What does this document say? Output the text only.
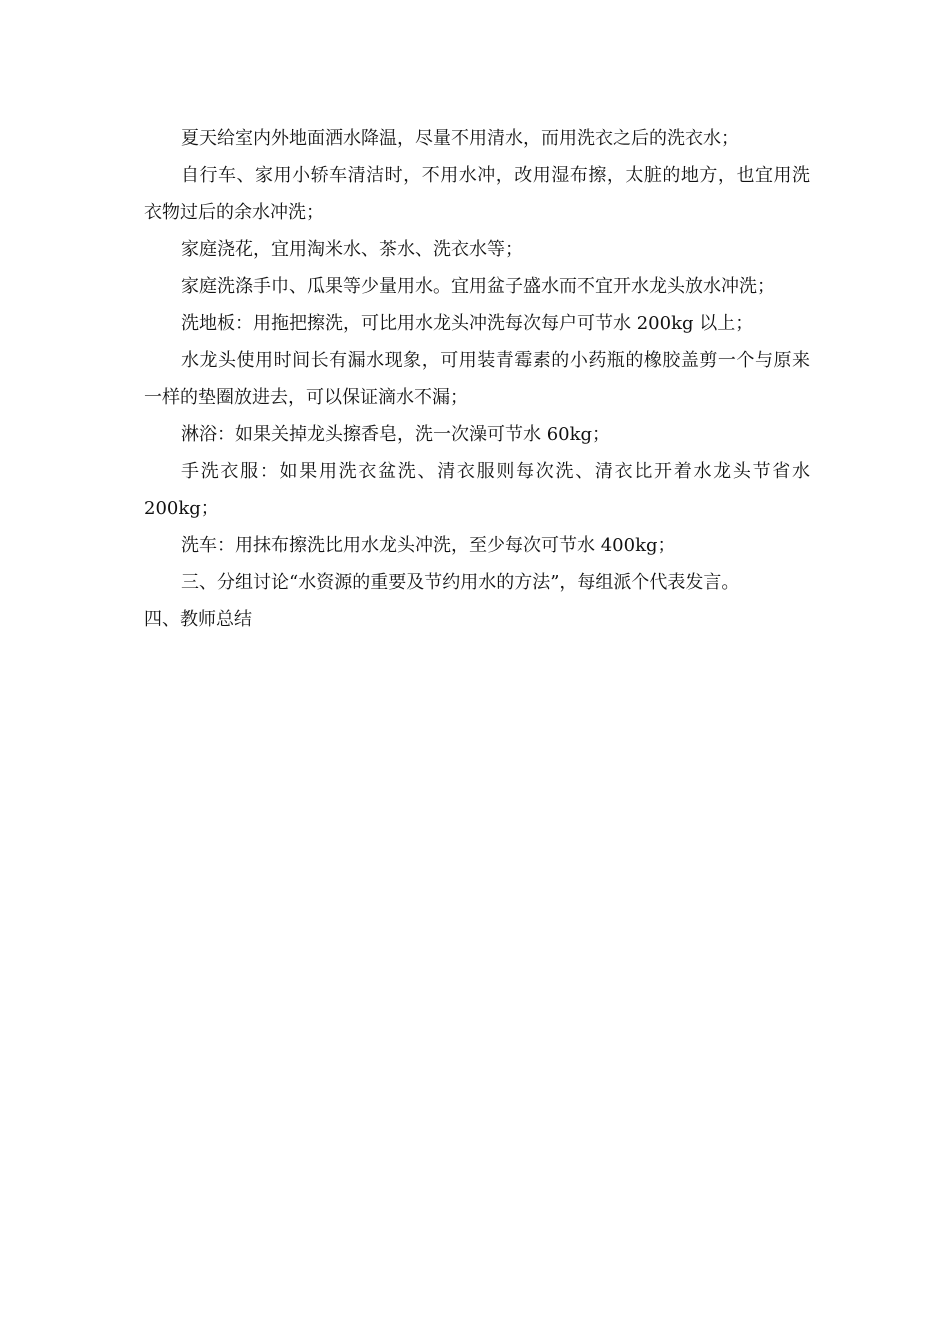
夏天给室内外地面洒水降温，尽量不用清水，而用洗衣之后的洗衣水；

自行车、家用小轿车清洁时，不用水冲，改用湿布擦，太脏的地方，也宜用洗衣物过后的余水冲洗；

家庭浇花，宜用淘米水、茶水、洗衣水等；

家庭洗涤手巾、瓜果等少量用水。宜用盆子盛水而不宜开水龙头放水冲洗；

洗地板：用拖把擦洗，可比用水龙头冲洗每次每户可节水 200kg 以上；

水龙头使用时间长有漏水现象，可用装青霉素的小药瓶的橡胶盖剪一个与原来一样的垫圈放进去，可以保证滴水不漏；

淋浴：如果关掉龙头擦香皂，洗一次澡可节水 60kg；

手洗衣服：如果用洗衣盆洗、清衣服则每次洗、清衣比开着水龙头节省水 200kg；

洗车：用抹布擦洗比用水龙头冲洗，至少每次可节水 400kg；

三、分组讨论“水资源的重要及节约用水的方法”，每组派个代表发言。

四、教师总结
